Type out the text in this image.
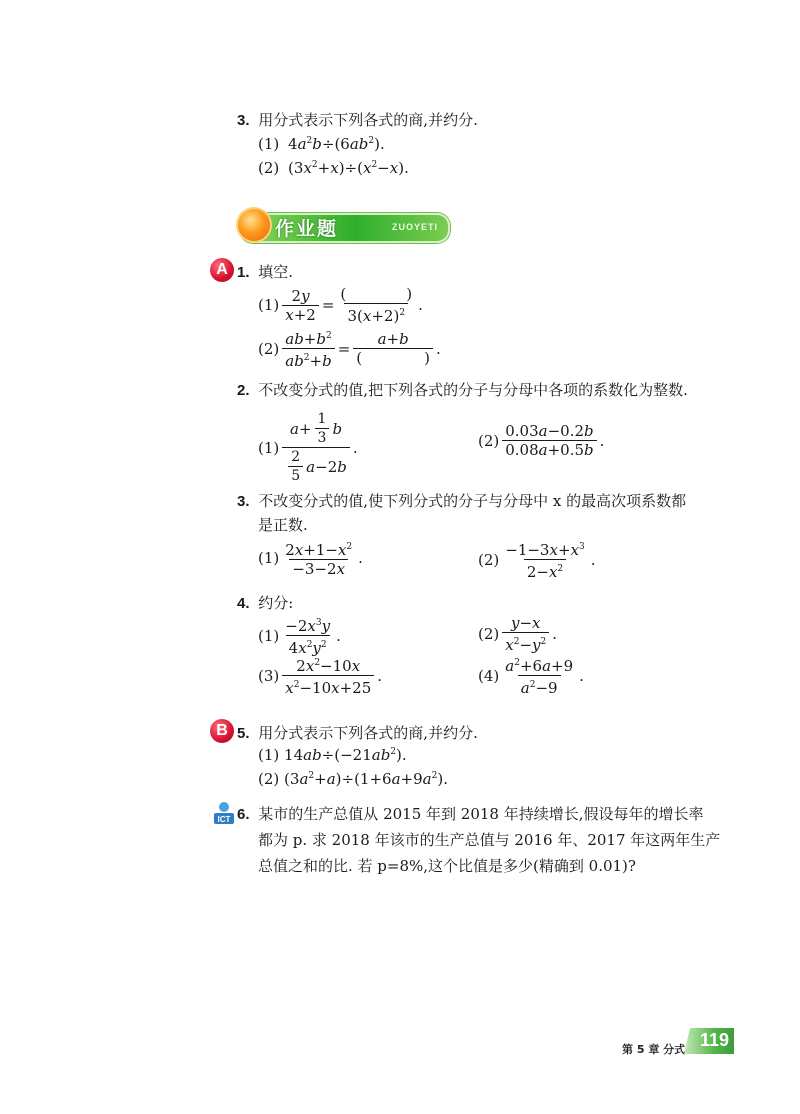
3. 用分式表示下列各式的商,并约分.
(1) $4a^2b\div(6ab^2)$.
(2) $(3x^2+x)\div(x^2-x)$.
作业题	ZUOYETI
A 1. 填空.
$(1) \frac{2y}{x+2}$ =
(	)
$3(x+2)^2$ .
$(2) \frac{ab+b^2}{ab^2+b}$ =
a+b
(	)
.
2. 不改变分式的值,把下列各式的分子与分母中各项的系数化为整数.
(1)
a +
1
3
b
2
5
a −2 b
.	(2)
0.03a−0.2b
0.08a+0.5b
.
3. 不改变分式的值,使下列分式的分子与分母中 x 的最高次项系数都
是正数.
(1) $2x+1-x^2$
−3−2x
.	(2)
$-1-3x+x^3$
$2-x^2$
.
4. 约分:
(1)
$-2x^3y$
$4x^2y^2$
.	(2)
y−x
$x^2-y^2$ .
(3)
$2x^2-10x$
$x^2-10x+25$
.	(4)
$a^2+6a+9$
$a^2-9$
.
B 5. 用分式表示下列各式的商,并约分.
(1) $14ab\div(-21ab^2)$.
(2) $(3a^2+a)\div(1+6a+9a^2)$.
ICT 6. 某市的生产总值从 2015 年到 2018 年持续增长,假设每年的增长率
都为 p. 求 2018 年该市的生产总值与 2016 年、2017 年这两年生产
总值之和的比. 若 p=8%,这个比值是多少(精确到 0.01)?
第 5 章 分式 119
